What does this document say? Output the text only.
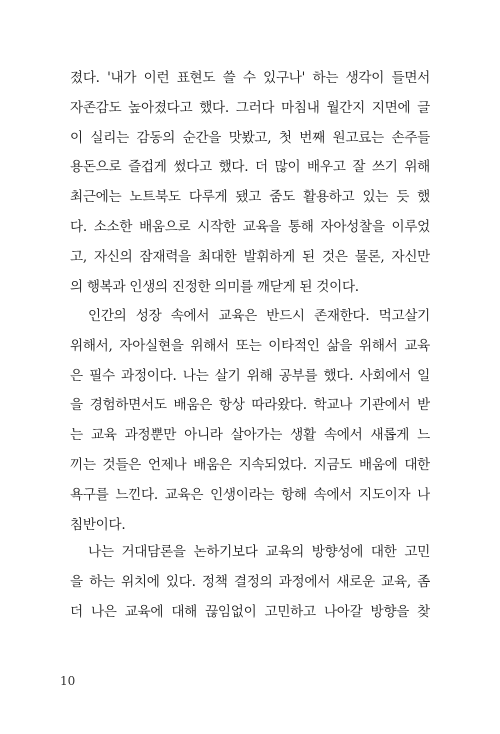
졌다. '내가 이런 표현도 쓸 수 있구나' 하는 생각이 들면서
자존감도 높아졌다고 했다. 그러다 마침내 월간지 지면에 글
이 실리는 감동의 순간을 맛봤고, 첫 번째 원고료는 손주들
용돈으로 즐겁게 썼다고 했다. 더 많이 배우고 잘 쓰기 위해
최근에는 노트북도 다루게 됐고 줌도 활용하고 있는 듯 했
다. 소소한 배움으로 시작한 교육을 통해 자아성찰을 이루었
고, 자신의 잠재력을 최대한 발휘하게 된 것은 물론, 자신만
의 행복과 인생의 진정한 의미를 깨닫게 된 것이다.
인간의 성장 속에서 교육은 반드시 존재한다. 먹고살기
위해서, 자아실현을 위해서 또는 이타적인 삶을 위해서 교육
은 필수 과정이다. 나는 살기 위해 공부를 했다. 사회에서 일
을 경험하면서도 배움은 항상 따라왔다. 학교나 기관에서 받
는 교육 과정뿐만 아니라 살아가는 생활 속에서 새롭게 느
끼는 것들은 언제나 배움은 지속되었다. 지금도 배움에 대한
욕구를 느낀다. 교육은 인생이라는 항해 속에서 지도이자 나
침반이다.
나는 거대담론을 논하기보다 교육의 방향성에 대한 고민
을 하는 위치에 있다. 정책 결정의 과정에서 새로운 교육, 좀
더 나은 교육에 대해 끊임없이 고민하고 나아갈 방향을 찾
10
